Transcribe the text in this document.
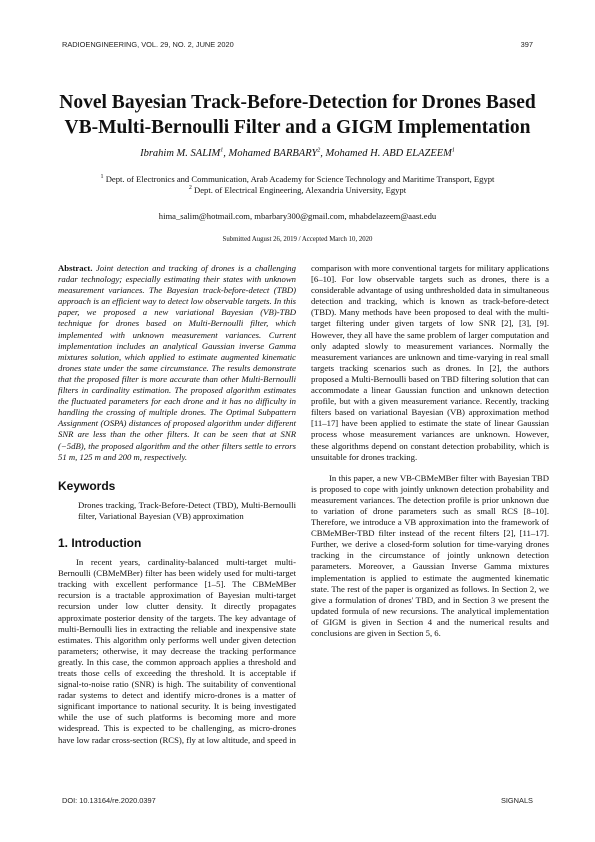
RADIOENGINEERING, VOL. 29, NO. 2, JUNE 2020	397
Novel Bayesian Track-Before-Detection for Drones Based
VB-Multi-Bernoulli Filter and a GIGM Implementation
Ibrahim M. SALIM$^1$, Mohamed BARBARY$^2$, Mohamed H. ABD ELAZEEM$^1$
$^1$ Dept. of Electronics and Communication, Arab Academy for Science Technology and Maritime Transport, Egypt
$^2$ Dept. of Electrical Engineering, Alexandria University, Egypt
hima_salim@hotmail.com, mbarbary300@gmail.com, mhabdelazeem@aast.edu
Submitted August 26, 2019 / Accepted March 10, 2020
Abstract. Joint detection and tracking of drones is a challenging radar technology; especially estimating their states with unknown measurement variances. The Bayesian track-before-detect (TBD) approach is an efficient way to detect low observable targets. In this paper, we proposed a new variational Bayesian (VB)-TBD technique for drones based on Multi-Bernoulli filter, which implemented with unknown measurement variances. Current implementation includes an analytical Gaussian inverse Gamma mixtures solution, which applied to estimate augmented kinematic drones state under the same circumstance. The results demonstrate that the proposed filter is more accurate than other Multi-Bernoulli filters in cardinality estimation. The proposed algorithm estimates the fluctuated parameters for each drone and it has no difficulty in handling the crossing of multiple drones. The Optimal Subpattern Assignment (OSPA) distances of proposed algorithm under different SNR are less than the other filters. It can be seen that at SNR (−5dB), the proposed algorithm and the other filters settle to errors 51 m, 125 m and 200 m, respectively.
Keywords
Drones tracking, Track-Before-Detect (TBD), Multi-Bernoulli filter, Variational Bayesian (VB) approximation
1. Introduction

In recent years, cardinality-balanced multi-target multi-Bernoulli (CBMeMBer) filter has been widely used for multi-target tracking with excellent performance [1–5]. The CBMeMBer recursion is a tractable approximation of Bayesian multi-target recursion under low clutter density. It directly propagates approximate posterior density of the targets. The key advantage of multi-Bernoulli lies in extracting the reliable and inexpensive state estimates. This algorithm only performs well under given detection parameters; otherwise, it may decrease the tracking performance greatly. In this case, the common approach applies a threshold and treats those cells of exceeding the threshold. It is acceptable if signal-to-noise ratio (SNR) is high. The suitability of conventional radar systems to detect and identify micro-drones is a matter of significant importance to national security. It is being investigated while the use of such platforms is becoming more and more widespread. This is expected to be challenging, as micro-drones have low radar cross-section (RCS), fly at low altitude, and speed in

comparison with more conventional targets for military applications [6–10]. For low observable targets such as drones, there is a considerable advantage of using unthresholded data in simultaneous detection and tracking, which is known as track-before-detect (TBD). Many methods have been proposed to deal with the multi-target filtering under given targets of low SNR [2], [3], [9]. However, they all have the same problem of larger computation and only adapted slowly to measurement variances. Normally the measurement variances are unknown and time-varying in real small targets tracking scenarios such as drones. In [2], the authors proposed a Multi-Bernoulli based on TBD filtering solution that can accommodate a linear Gaussian function and unknown detection profile, but with a given measurement variance. Recently, tracking filters based on variational Bayesian (VB) approximation method [11–17] have been applied to estimate the state of linear Gaussian process whose measurement variances are unknown. However, these algorithms depend on constant detection probability, which is unsuitable for drones tracking.

In this paper, a new VB-CBMeMBer filter with Bayesian TBD is proposed to cope with jointly unknown detection probability and measurement variances. The detection profile is prior unknown due to variation of drone parameters such as small RCS [8–10]. Therefore, we introduce a VB approximation into the framework of CBMeMBer-TBD filter instead of the recent filters [2], [11–17]. Further, we derive a closed-form solution for time-varying drones tracking in the circumstance of jointly unknown detection parameters. Moreover, a Gaussian Inverse Gamma mixtures implementation is applied to estimate the augmented kinematic state. The rest of the paper is organized as follows. In Section 2, we give a formulation of drones' TBD, and in Section 3 we present the updated formula of new recursions. The analytical implementation of GIGM is given in Section 4 and the numerical results and conclusions are given in Section 5, 6.

DOI: 10.13164/re.2020.0397	SIGNALS
